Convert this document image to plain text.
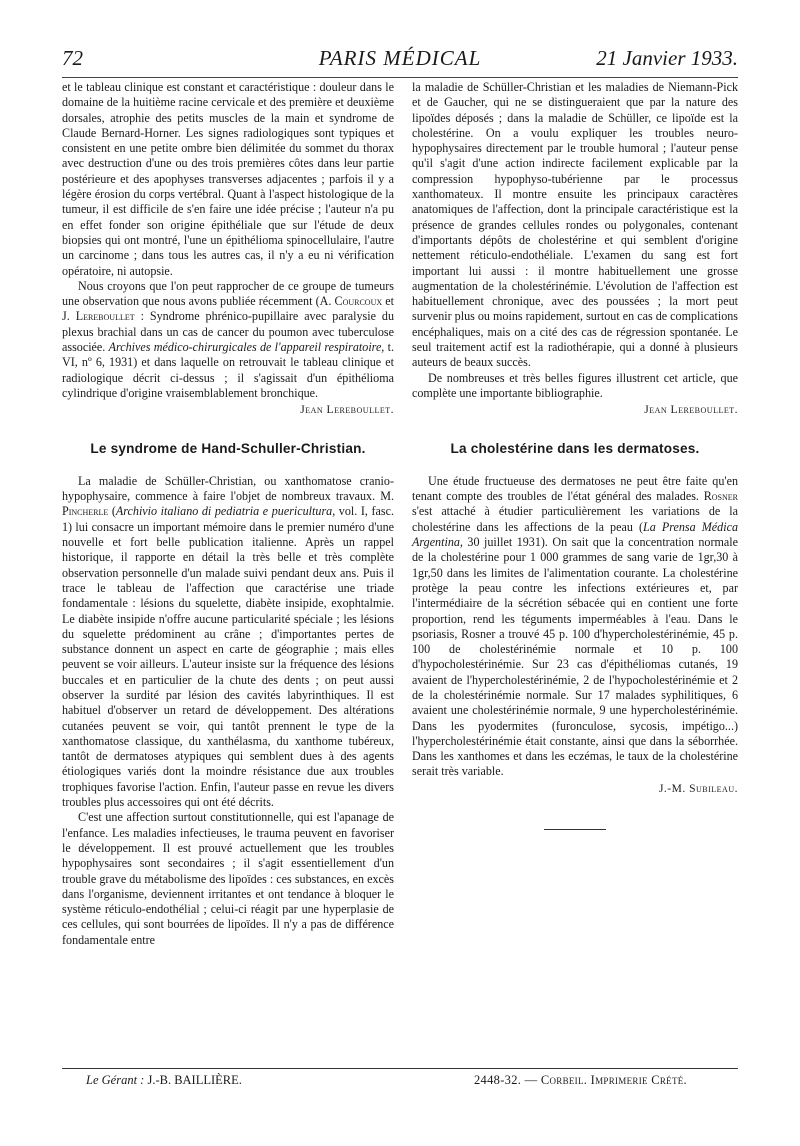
72	PARIS MÉDICAL	21 Janvier 1933.

et le tableau clinique est constant et caractéristique : douleur dans le domaine de la huitième racine cervicale et des première et deuxième dorsales, atrophie des petits muscles de la main et syndrome de Claude Bernard-Horner. Les signes radiologiques sont typiques et consistent en une petite ombre bien délimitée du sommet du thorax avec destruction d'une ou des trois premières côtes dans leur partie postérieure et des apophyses transverses adjacentes ; parfois il y a légère érosion du corps vertébral. Quant à l'aspect histologique de la tumeur, il est difficile de s'en faire une idée précise ; l'auteur n'a pu en effet fonder son origine épithéliale que sur l'étude de deux biopsies qui ont montré, l'une un épithélioma spinocellulaire, l'autre un carcinome ; dans tous les autres cas, il n'y a eu ni vérification opératoire, ni autopsie.

Nous croyons que l'on peut rapprocher de ce groupe de tumeurs une observation que nous avons publiée récemment (A. Courcoux et J. Lereboullet : Syndrome phrénico-pupillaire avec paralysie du plexus brachial dans un cas de cancer du poumon avec tuberculose associée. Archives médico-chirurgicales de l'appareil respiratoire, t. VI, nº 6, 1931) et dans laquelle on retrouvait le tableau clinique et radiologique décrit ci-dessus ; il s'agissait d'un épithélioma cylindrique d'origine vraisemblablement bronchique.

Jean Lereboullet.
Le syndrome de Hand-Schuller-Christian.

La maladie de Schüller-Christian, ou xanthomatose cranio-hypophysaire, commence à faire l'objet de nombreux travaux. M. Pincherle (Archivio italiano di pediatria e puericultura, vol. I, fasc. 1) lui consacre un important mémoire dans le premier numéro d'une nouvelle et fort belle publication italienne. Après un rappel historique, il rapporte en détail la très belle et très complète observation personnelle d'un malade suivi pendant deux ans. Puis il trace le tableau de l'affection que caractérise une triade fondamentale : lésions du squelette, diabète insipide, exophtalmie. Le diabète insipide n'offre aucune particularité spéciale ; les lésions du squelette prédominent au crâne ; d'importantes pertes de substance donnent un aspect en carte de géographie ; mais elles peuvent se voir ailleurs. L'auteur insiste sur la fréquence des lésions buccales et en particulier de la chute des dents ; on peut aussi observer la surdité par lésion des cavités labyrinthiques. Il est habituel d'observer un retard de développement. Des altérations cutanées peuvent se voir, qui tantôt prennent le type de la xanthomatose classique, du xanthélasma, du xanthome tubéreux, tantôt de dermatoses atypiques qui semblent dues à des agents étiologiques variés dont la moindre résistance due aux troubles trophiques favorise l'action. Enfin, l'auteur passe en revue les divers troubles plus accessoires qui ont été décrits.

C'est une affection surtout constitutionnelle, qui est l'apanage de l'enfance. Les maladies infectieuses, le trauma peuvent en favoriser le développement. Il est prouvé actuellement que les troubles hypophysaires sont secondaires ; il s'agit essentiellement d'un trouble grave du métabolisme des lipoïdes : ces substances, en excès dans l'organisme, deviennent irritantes et ont tendance à bloquer le système réticulo-endothélial ; celui-ci réagit par une hyperplasie de ces cellules, qui sont bourrées de lipoïdes. Il n'y a pas de différence fondamentale entre

la maladie de Schüller-Christian et les maladies de Niemann-Pick et de Gaucher, qui ne se distingueraient que par la nature des lipoïdes déposés ; dans la maladie de Schüller, ce lipoïde est la cholestérine. On a voulu expliquer les troubles neuro-hypophysaires directement par le trouble humoral ; l'auteur pense qu'il s'agit d'une action indirecte facilement explicable par la compression hypophyso-tubérienne par le processus xanthomateux. Il montre ensuite les principaux caractères anatomiques de l'affection, dont la principale caractéristique est la présence de grandes cellules rondes ou polygonales, contenant d'importants dépôts de cholestérine et qui semblent d'origine nettement réticulo-endothéliale. L'examen du sang est fort important lui aussi : il montre habituellement une grosse augmentation de la cholestérinémie. L'évolution de l'affection est habituellement chronique, avec des poussées ; la mort peut survenir plus ou moins rapidement, surtout en cas de complications encéphaliques, mais on a cité des cas de régression spontanée. Le seul traitement actif est la radiothérapie, qui a donné à plusieurs auteurs de beaux succès.

De nombreuses et très belles figures illustrent cet article, que complète une importante bibliographie.

Jean Lereboullet.
La cholestérine dans les dermatoses.

Une étude fructueuse des dermatoses ne peut être faite qu'en tenant compte des troubles de l'état général des malades. Rosner s'est attaché à étudier particulièrement les variations de la cholestérine dans les affections de la peau (La Prensa Médica Argentina, 30 juillet 1931). On sait que la concentration normale de la cholestérine pour 1 000 grammes de sang varie de 1gr,30 à 1gr,50 dans les limites de l'alimentation courante. La cholestérine protège la peau contre les infections extérieures et, par l'intermédiaire de la sécrétion sébacée qui en contient une forte proportion, rend les téguments imperméables à l'eau. Dans le psoriasis, Rosner a trouvé 45 p. 100 d'hypercholestérinémie, 45 p. 100 de cholestérinémie normale et 10 p. 100 d'hypocholestérinémie. Sur 23 cas d'épithéliomas cutanés, 19 avaient de l'hypercholestérinémie, 2 de l'hypocholestérinémie et 2 de la cholestérinémie normale. Sur 17 malades syphilitiques, 6 avaient une cholestérinémie normale, 9 une hypercholestérinémie. Dans les pyodermites (furonculose, sycosis, impétigo...) l'hypercholestérinémie était constante, ainsi que dans la séborrhée. Dans les xanthomes et dans les eczémas, le taux de la cholestérine serait très variable.

J.-M. Subileau.
Le Gérant : J.-B. BAILLIÈRE.	2448-32. — Corbeil. Imprimerie Crété.
